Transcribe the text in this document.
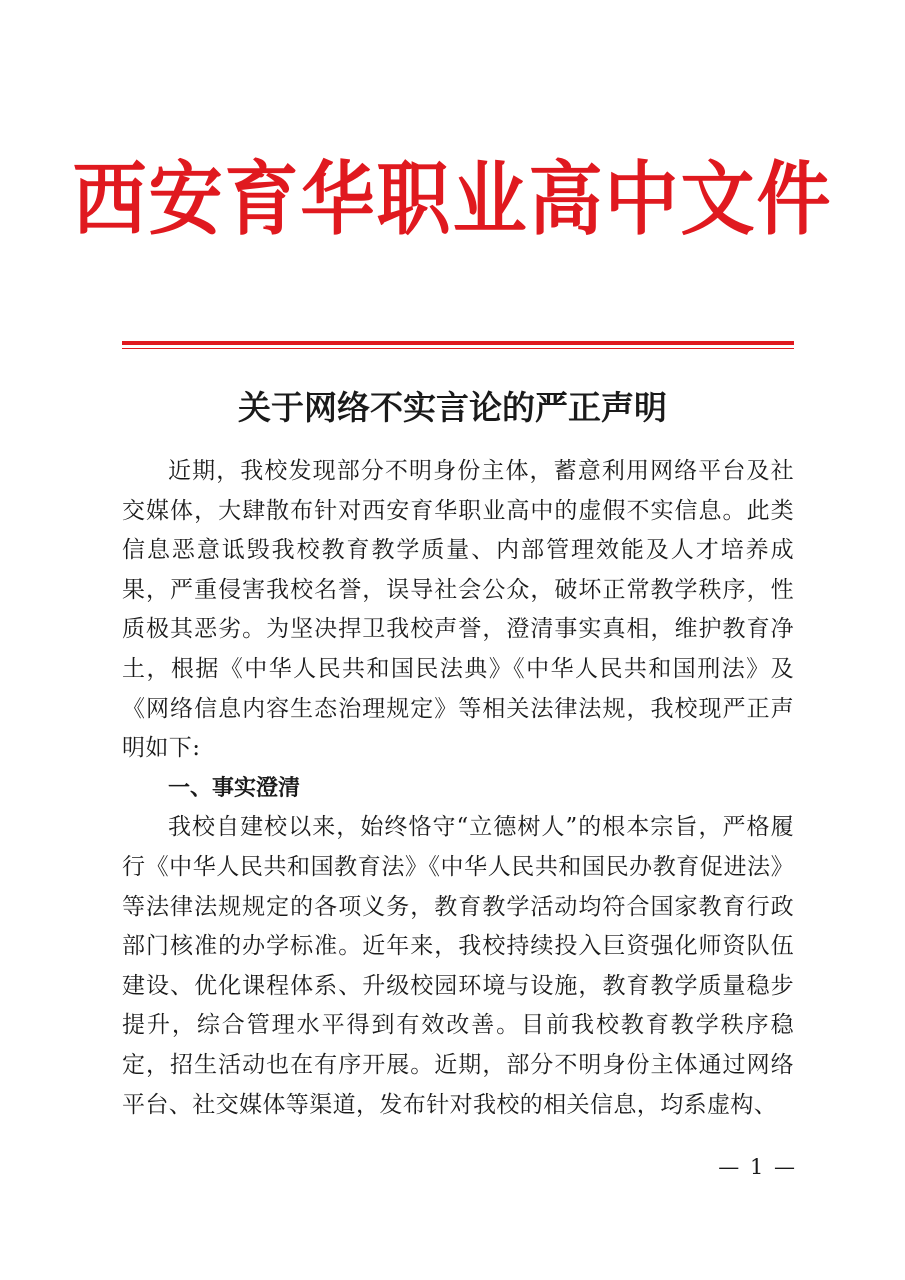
西安育华职业高中文件
关于网络不实言论的严正声明

近期，我校发现部分不明身份主体，蓄意利用网络平台及社交媒体，大肆散布针对西安育华职业高中的虚假不实信息。此类信息恶意诋毁我校教育教学质量、内部管理效能及人才培养成果，严重侵害我校名誉，误导社会公众，破坏正常教学秩序，性质极其恶劣。为坚决捍卫我校声誉，澄清事实真相，维护教育净土，根据《中华人民共和国民法典》《中华人民共和国刑法》及《网络信息内容生态治理规定》等相关法律法规，我校现严正声明如下:

一、事实澄清

我校自建校以来，始终恪守“立德树人”的根本宗旨，严格履行《中华人民共和国教育法》《中华人民共和国民办教育促进法》等法律法规规定的各项义务，教育教学活动均符合国家教育行政部门核准的办学标准。近年来，我校持续投入巨资强化师资队伍建设、优化课程体系、升级校园环境与设施，教育教学质量稳步提升，综合管理水平得到有效改善。目前我校教育教学秩序稳定，招生活动也在有序开展。近期，部分不明身份主体通过网络平台、社交媒体等渠道，发布针对我校的相关信息，均系虚构、

— 1 —
